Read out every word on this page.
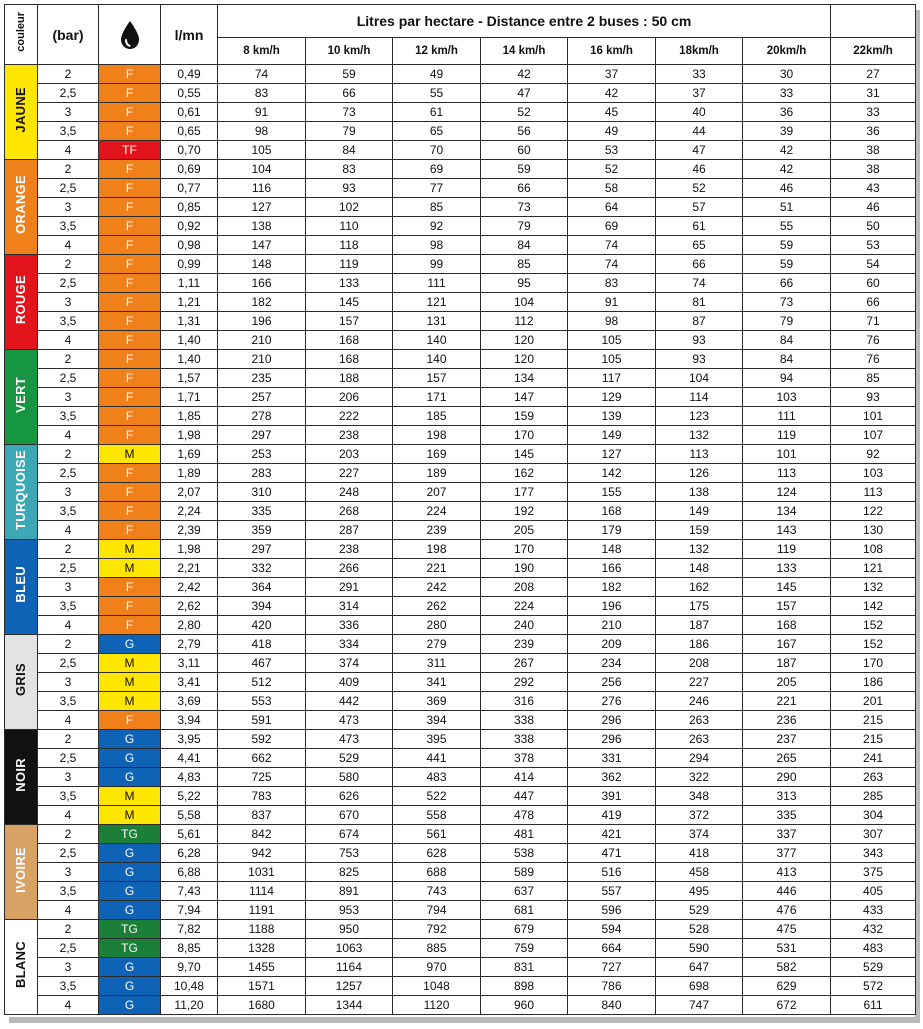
couleur	(bar)		l/mn	Litres par hectare - Distance entre 2 buses : 50 cm							
				8 km/h	10 km/h	12 km/h	14 km/h	16 km/h	18km/h	20km/h	22km/h
JAUNE	2	F	0,49	74	59	49	42	37	33	30	27
	2,5	F	0,55	83	66	55	47	42	37	33	31
	3	F	0,61	91	73	61	52	45	40	36	33
	3,5	F	0,65	98	79	65	56	49	44	39	36
	4	TF	0,70	105	84	70	60	53	47	42	38
ORANGE	2	F	0,69	104	83	69	59	52	46	42	38
	2,5	F	0,77	116	93	77	66	58	52	46	43
	3	F	0,85	127	102	85	73	64	57	51	46
	3,5	F	0,92	138	110	92	79	69	61	55	50
	4	F	0,98	147	118	98	84	74	65	59	53
ROUGE	2	F	0,99	148	119	99	85	74	66	59	54
	2,5	F	1,11	166	133	111	95	83	74	66	60
	3	F	1,21	182	145	121	104	91	81	73	66
	3,5	F	1,31	196	157	131	112	98	87	79	71
	4	F	1,40	210	168	140	120	105	93	84	76
VERT	2	F	1,40	210	168	140	120	105	93	84	76
	2,5	F	1,57	235	188	157	134	117	104	94	85
	3	F	1,71	257	206	171	147	129	114	103	93
	3,5	F	1,85	278	222	185	159	139	123	111	101
	4	F	1,98	297	238	198	170	149	132	119	107
TURQUOISE	2	M	1,69	253	203	169	145	127	113	101	92
	2,5	F	1,89	283	227	189	162	142	126	113	103
	3	F	2,07	310	248	207	177	155	138	124	113
	3,5	F	2,24	335	268	224	192	168	149	134	122
	4	F	2,39	359	287	239	205	179	159	143	130
BLEU	2	M	1,98	297	238	198	170	148	132	119	108
	2,5	M	2,21	332	266	221	190	166	148	133	121
	3	F	2,42	364	291	242	208	182	162	145	132
	3,5	F	2,62	394	314	262	224	196	175	157	142
	4	F	2,80	420	336	280	240	210	187	168	152
GRIS	2	G	2,79	418	334	279	239	209	186	167	152
	2,5	M	3,11	467	374	311	267	234	208	187	170
	3	M	3,41	512	409	341	292	256	227	205	186
	3,5	M	3,69	553	442	369	316	276	246	221	201
	4	F	3,94	591	473	394	338	296	263	236	215
NOIR	2	G	3,95	592	473	395	338	296	263	237	215
	2,5	G	4,41	662	529	441	378	331	294	265	241
	3	G	4,83	725	580	483	414	362	322	290	263
	3,5	M	5,22	783	626	522	447	391	348	313	285
	4	M	5,58	837	670	558	478	419	372	335	304
IVOIRE	2	TG	5,61	842	674	561	481	421	374	337	307
	2,5	G	6,28	942	753	628	538	471	418	377	343
	3	G	6,88	1031	825	688	589	516	458	413	375
	3,5	G	7,43	1114	891	743	637	557	495	446	405
	4	G	7,94	1191	953	794	681	596	529	476	433
BLANC	2	TG	7,82	1188	950	792	679	594	528	475	432
	2,5	TG	8,85	1328	1063	885	759	664	590	531	483
	3	G	9,70	1455	1164	970	831	727	647	582	529
	3,5	G	10,48	1571	1257	1048	898	786	698	629	572
	4	G	11,20	1680	1344	1120	960	840	747	672	611
